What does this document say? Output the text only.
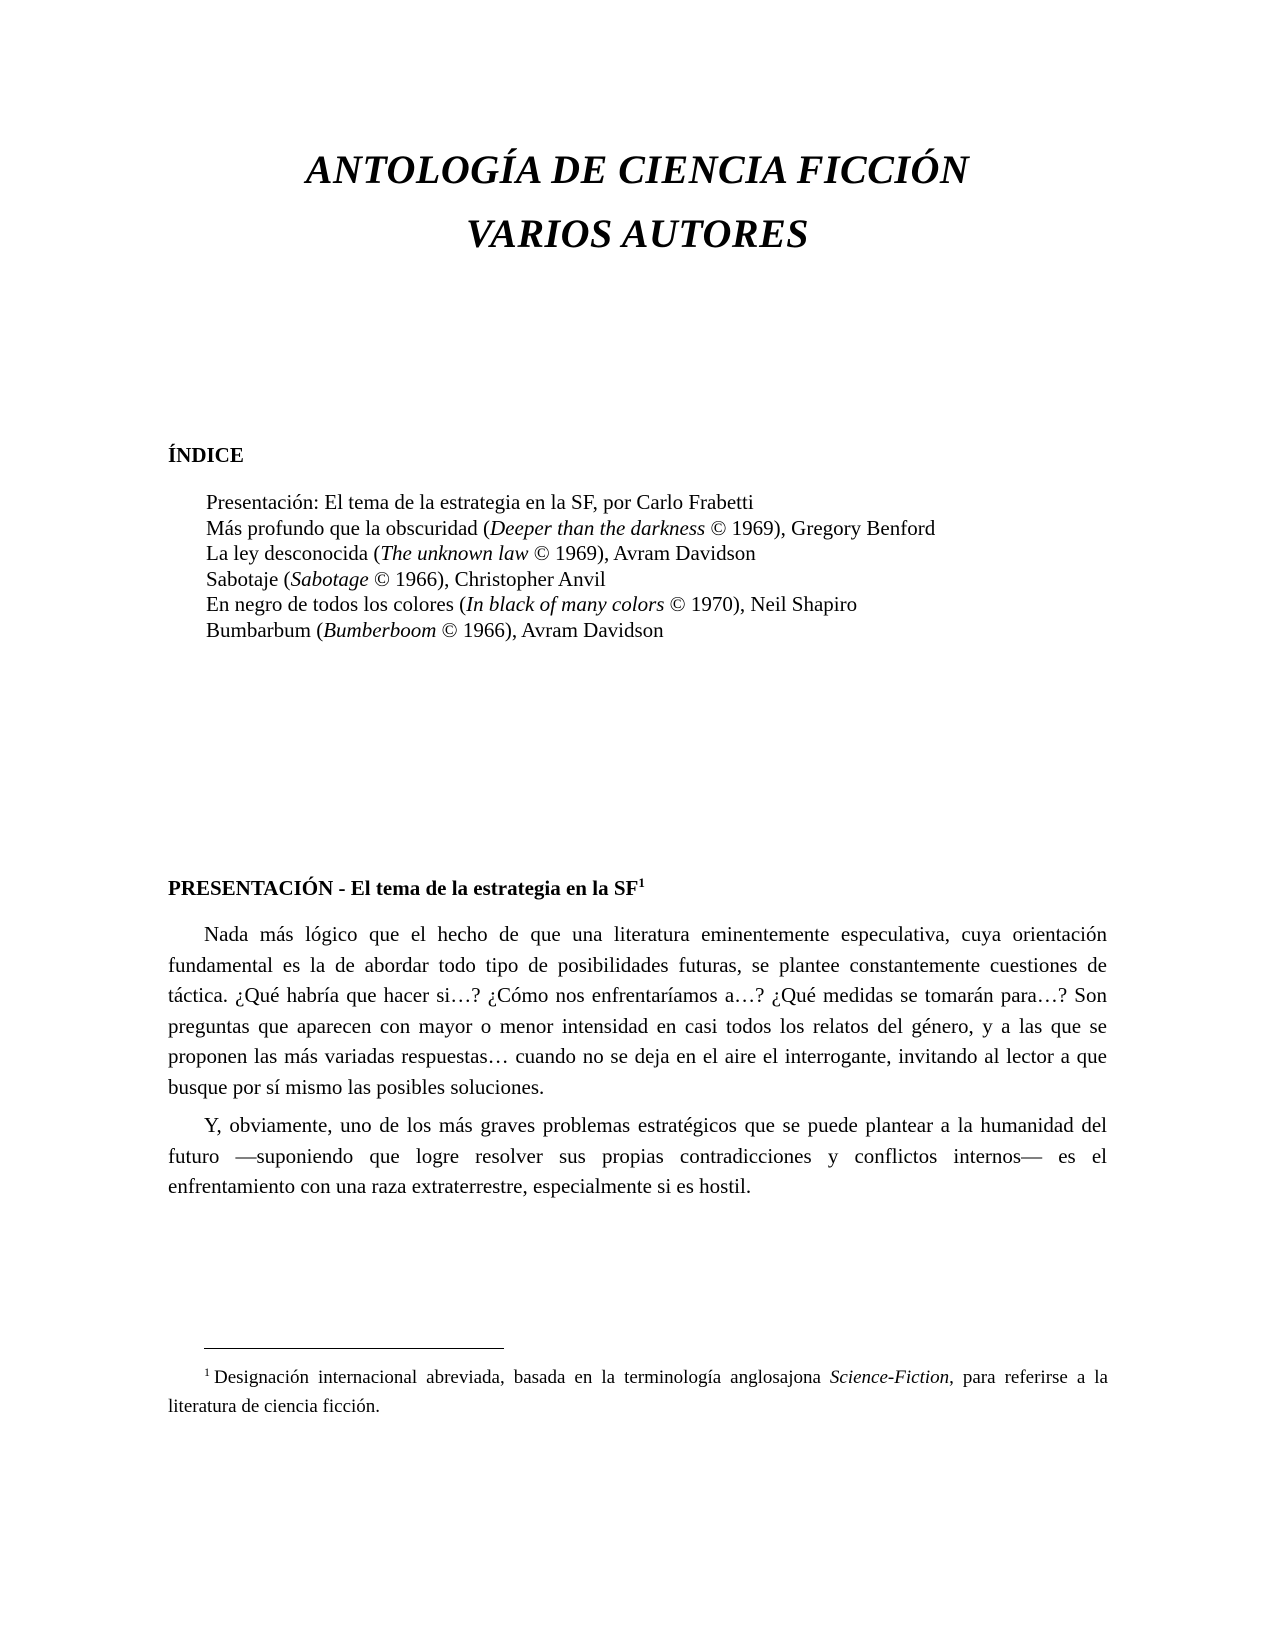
ANTOLOGÍA DE CIENCIA FICCIÓN
VARIOS AUTORES
ÍNDICE
Presentación: El tema de la estrategia en la SF, por Carlo Frabetti
Más profundo que la obscuridad (Deeper than the darkness © 1969), Gregory Benford
La ley desconocida (The unknown law © 1969), Avram Davidson
Sabotaje (Sabotage © 1966), Christopher Anvil
En negro de todos los colores (In black of many colors © 1970), Neil Shapiro
Bumbarbum (Bumberboom © 1966), Avram Davidson
PRESENTACIÓN - El tema de la estrategia en la $SF^1$

Nada más lógico que el hecho de que una literatura eminentemente especulativa, cuya orientación fundamental es la de abordar todo tipo de posibilidades futuras, se plantee constantemente cuestiones de táctica. ¿Qué habría que hacer si…? ¿Cómo nos enfrentaríamos a…? ¿Qué medidas se tomarán para…? Son preguntas que aparecen con mayor o menor intensidad en casi todos los relatos del género, y a las que se proponen las más variadas respuestas… cuando no se deja en el aire el interrogante, invitando al lector a que busque por sí mismo las posibles soluciones.

Y, obviamente, uno de los más graves problemas estratégicos que se puede plantear a la humanidad del futuro —suponiendo que logre resolver sus propias contradicciones y conflictos internos— es el enfrentamiento con una raza extraterrestre, especialmente si es hostil.

$^1$ Designación internacional abreviada, basada en la terminología anglosajona Science-Fiction, para referirse a la literatura de ciencia ficción.
